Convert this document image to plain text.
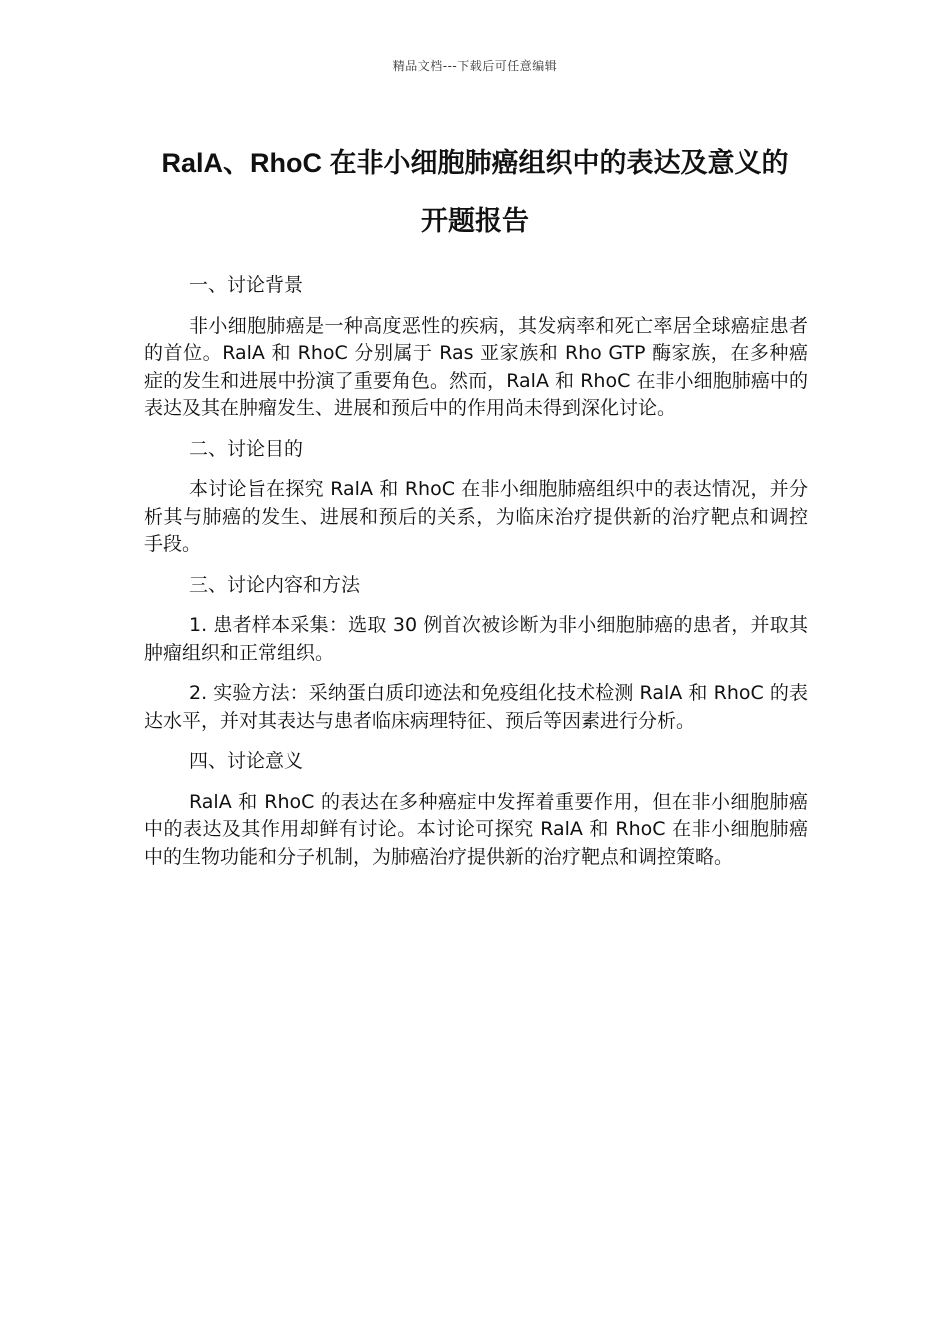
精品文档---下载后可任意编辑
RalA、RhoC 在非小细胞肺癌组织中的表达及意义的
开题报告

一、讨论背景

非小细胞肺癌是一种高度恶性的疾病，其发病率和死亡率居全球癌症患者的首位。RalA 和 RhoC 分别属于 Ras 亚家族和 Rho GTP 酶家族，在多种癌症的发生和进展中扮演了重要角色。然而，RalA 和 RhoC 在非小细胞肺癌中的表达及其在肿瘤发生、进展和预后中的作用尚未得到深化讨论。

二、讨论目的

本讨论旨在探究 RalA 和 RhoC 在非小细胞肺癌组织中的表达情况，并分析其与肺癌的发生、进展和预后的关系，为临床治疗提供新的治疗靶点和调控手段。

三、讨论内容和方法

1. 患者样本采集：选取 30 例首次被诊断为非小细胞肺癌的患者，并取其肿瘤组织和正常组织。

2. 实验方法：采纳蛋白质印迹法和免疫组化技术检测 RalA 和 RhoC 的表达水平，并对其表达与患者临床病理特征、预后等因素进行分析。

四、讨论意义

RalA 和 RhoC 的表达在多种癌症中发挥着重要作用，但在非小细胞肺癌中的表达及其作用却鲜有讨论。本讨论可探究 RalA 和 RhoC 在非小细胞肺癌中的生物功能和分子机制，为肺癌治疗提供新的治疗靶点和调控策略。
